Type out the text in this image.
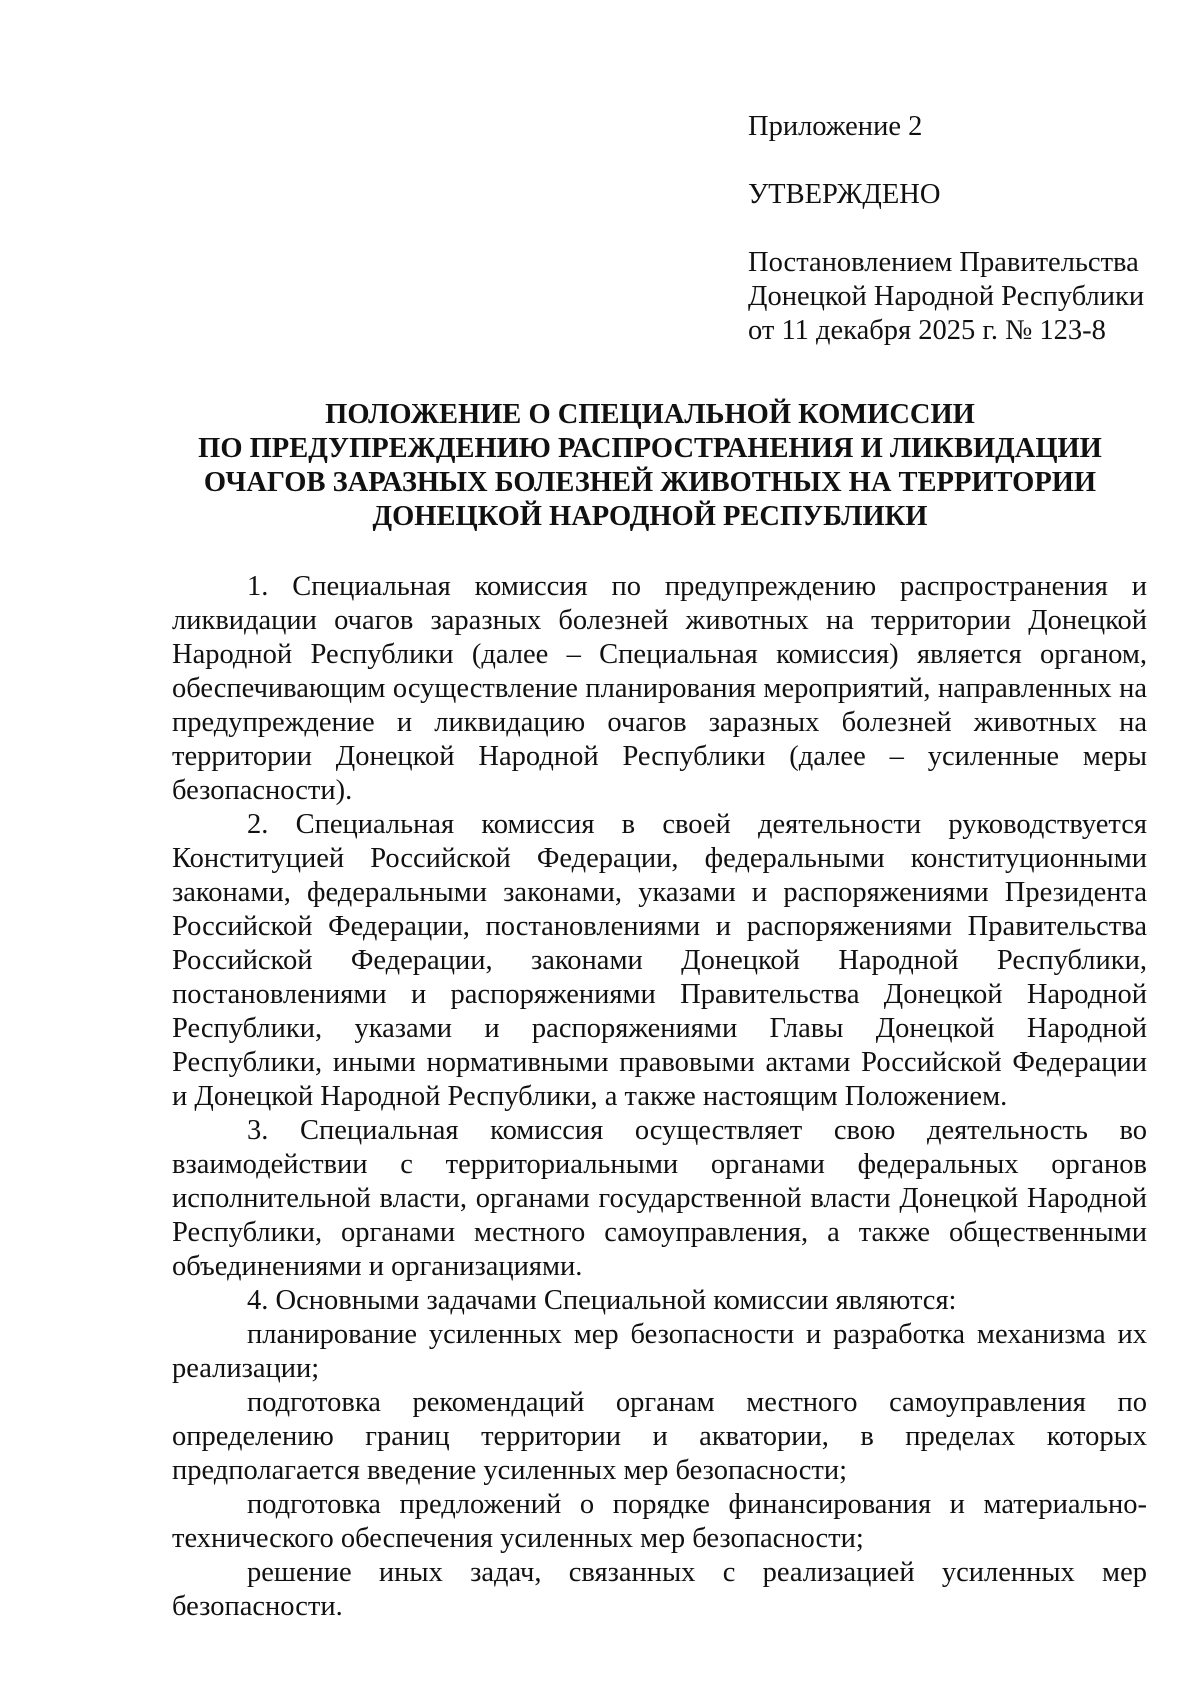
Приложение 2
УТВЕРЖДЕНО
Постановлением Правительства
Донецкой Народной Республики
от 11 декабря 2025 г. № 123-8
ПОЛОЖЕНИЕ О СПЕЦИАЛЬНОЙ КОМИССИИ
ПО ПРЕДУПРЕЖДЕНИЮ РАСПРОСТРАНЕНИЯ И ЛИКВИДАЦИИ
ОЧАГОВ ЗАРАЗНЫХ БОЛЕЗНЕЙ ЖИВОТНЫХ НА ТЕРРИТОРИИ
ДОНЕЦКОЙ НАРОДНОЙ РЕСПУБЛИКИ

1. Специальная комиссия по предупреждению распространения и ликвидации очагов заразных болезней животных на территории Донецкой Народной Республики (далее – Специальная комиссия) является органом, обеспечивающим осуществление планирования мероприятий, направленных на предупреждение и ликвидацию очагов заразных болезней животных на территории Донецкой Народной Республики (далее – усиленные меры безопасности).

2. Специальная комиссия в своей деятельности руководствуется Конституцией Российской Федерации, федеральными конституционными законами, федеральными законами, указами и распоряжениями Президента Российской Федерации, постановлениями и распоряжениями Правительства Российской Федерации, законами Донецкой Народной Республики, постановлениями и распоряжениями Правительства Донецкой Народной Республики, указами и распоряжениями Главы Донецкой Народной Республики, иными нормативными правовыми актами Российской Федерации и Донецкой Народной Республики, а также настоящим Положением.

3. Специальная комиссия осуществляет свою деятельность во взаимодействии с территориальными органами федеральных органов исполнительной власти, органами государственной власти Донецкой Народной Республики, органами местного самоуправления, а также общественными объединениями и организациями.

4. Основными задачами Специальной комиссии являются:

планирование усиленных мер безопасности и разработка механизма их реализации;

подготовка рекомендаций органам местного самоуправления по определению границ территории и акватории, в пределах которых предполагается введение усиленных мер безопасности;

подготовка предложений о порядке финансирования и материально-технического обеспечения усиленных мер безопасности;

решение иных задач, связанных с реализацией усиленных мер безопасности.
